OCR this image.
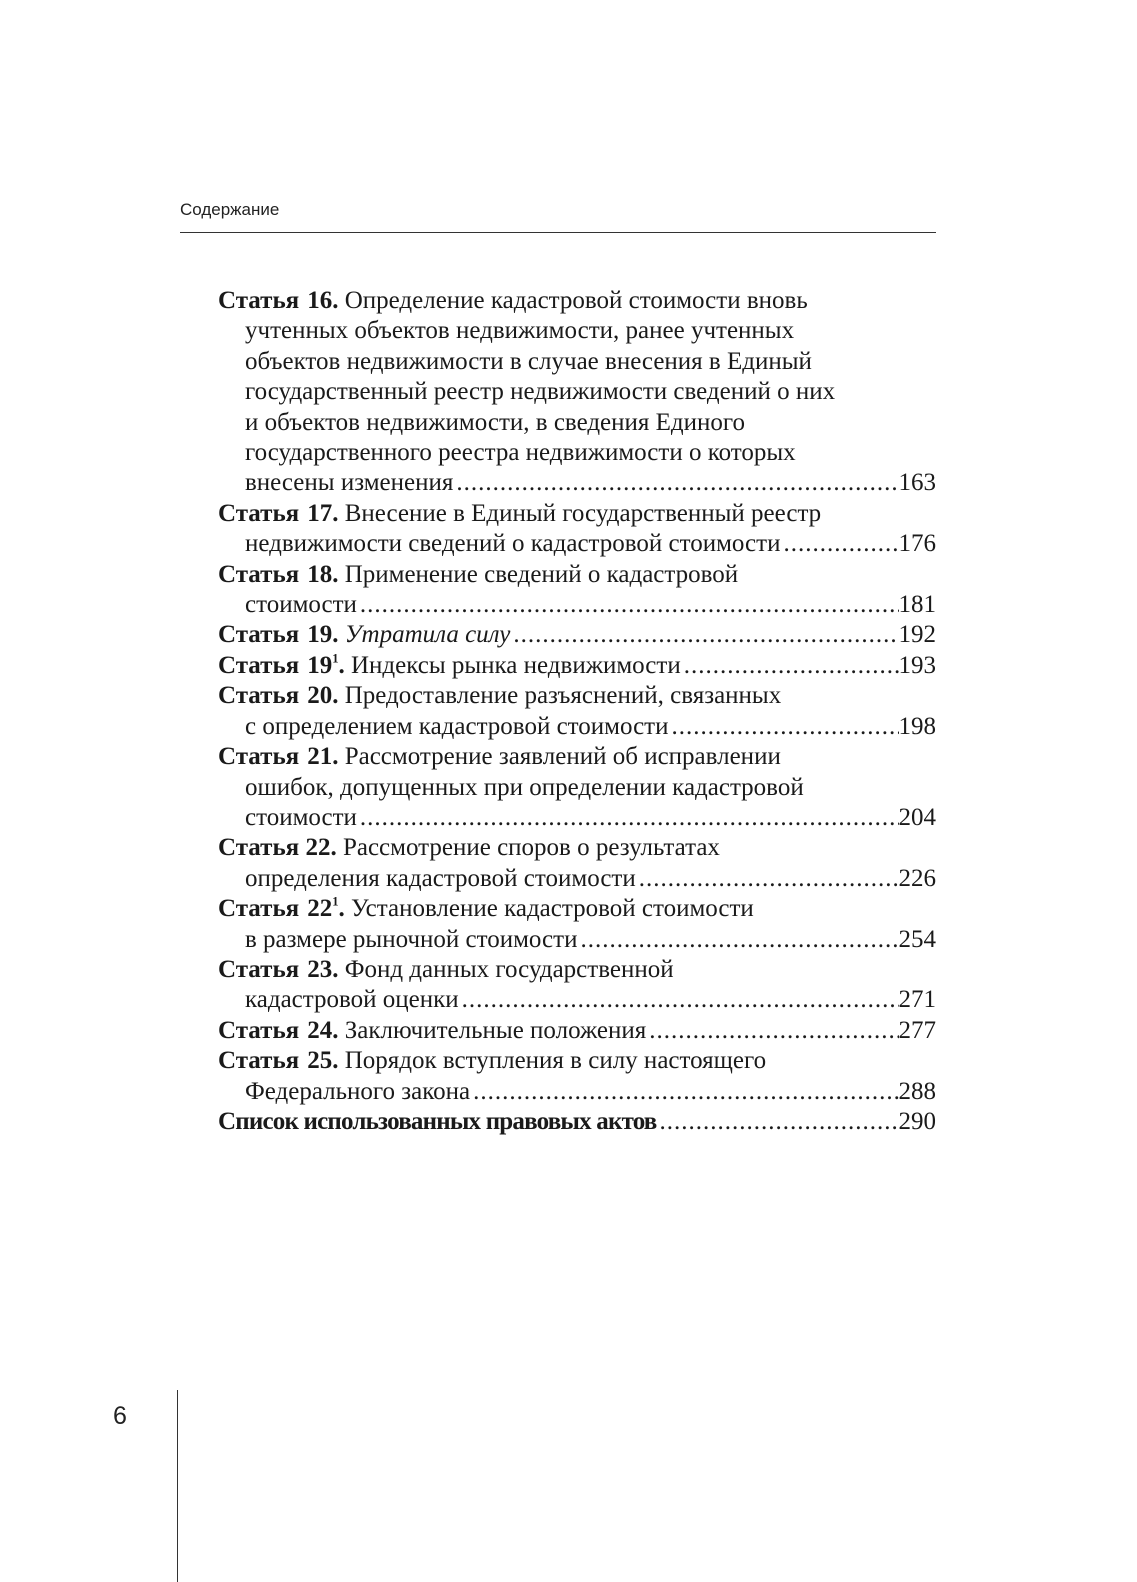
Содержание
Статья 16. Определение кадастровой стоимости вновь
учтенных объектов недвижимости, ранее учтенных
объектов недвижимости в случае внесения в Единый
государственный реестр недвижимости сведений о них
и объектов недвижимости, в сведения Единого
государственного реестра недвижимости о которых
внесены изменения .....	163
Статья 17. Внесение в Единый государственный реестр
недвижимости сведений о кадастровой стоимости .....	176
Статья 18. Применение сведений о кадастровой
стоимости .....	181
Статья 19. Утратила силу .....	192
Статья $19^1$. Индексы рынка недвижимости .....	193
Статья 20. Предоставление разъяснений, связанных
с определением кадастровой стоимости .....	198
Статья 21. Рассмотрение заявлений об исправлении
ошибок, допущенных при определении кадастровой
стоимости .....	204
Статья 22. Рассмотрение споров о результатах
определения кадастровой стоимости .....	226
Статья $22^1$. Установление кадастровой стоимости
в размере рыночной стоимости .....	254
Статья 23. Фонд данных государственной
кадастровой оценки .....	271
Статья 24. Заключительные положения .....	277
Статья 25. Порядок вступления в силу настоящего
Федерального закона .....	288
Список использованных правовых актов .....	290
6
